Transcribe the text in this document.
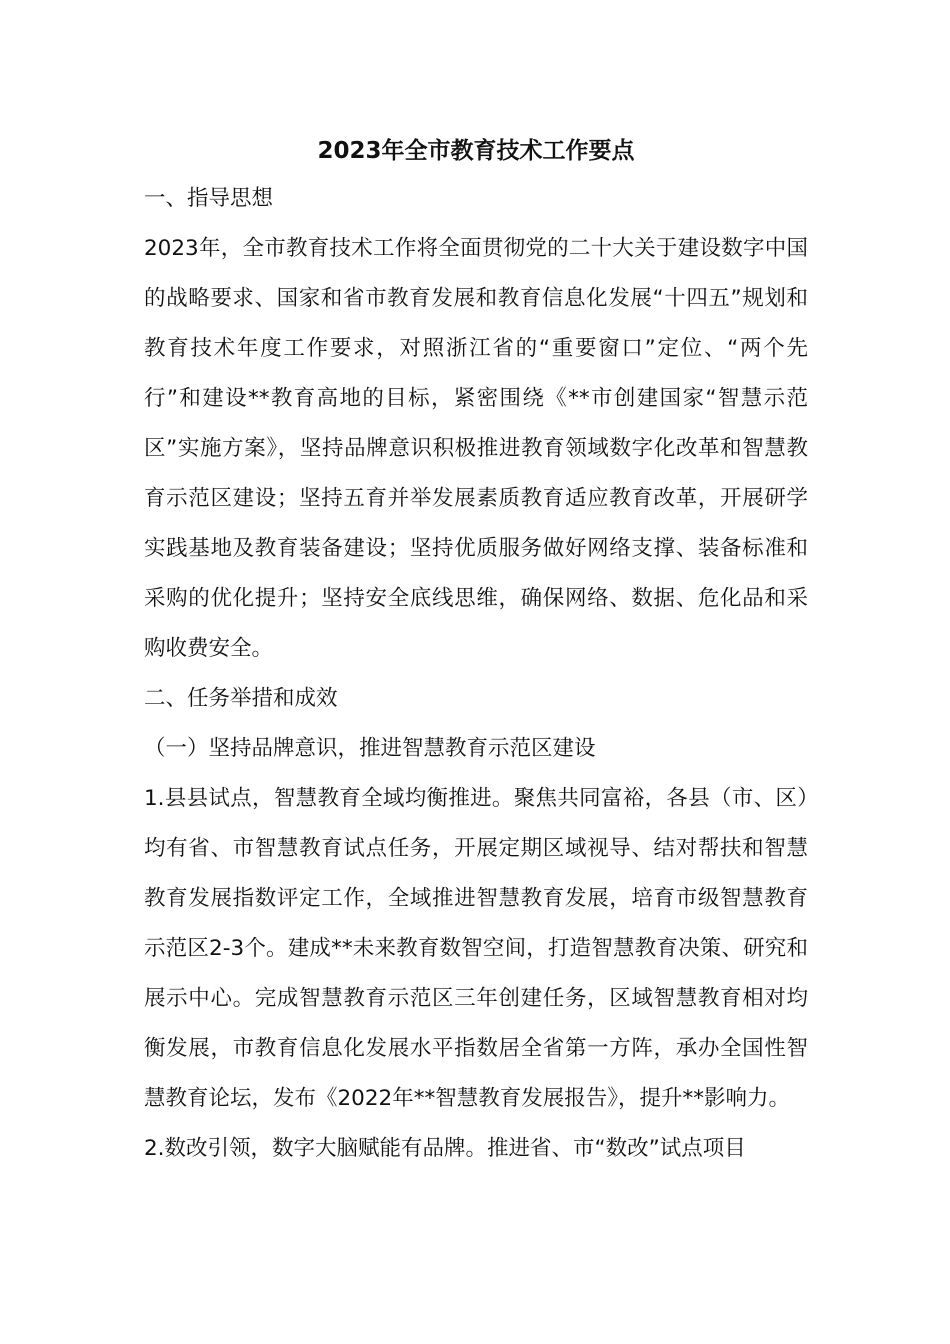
2023年全市教育技术工作要点
一、指导思想

2023年，全市教育技术工作将全面贯彻党的二十大关于建设数字中国的战略要求、国家和省市教育发展和教育信息化发展“十四五”规划和教育技术年度工作要求，对照浙江省的“重要窗口”定位、“两个先行”和建设**教育高地的目标，紧密围绕《**市创建国家“智慧示范区”实施方案》，坚持品牌意识积极推进教育领域数字化改革和智慧教育示范区建设；坚持五育并举发展素质教育适应教育改革，开展研学实践基地及教育装备建设；坚持优质服务做好网络支撑、装备标准和采购的优化提升；坚持安全底线思维，确保网络、数据、危化品和采购收费安全。

二、任务举措和成效
（一）坚持品牌意识，推进智慧教育示范区建设

1.县县试点，智慧教育全域均衡推进。聚焦共同富裕，各县（市、区）均有省、市智慧教育试点任务，开展定期区域视导、结对帮扶和智慧教育发展指数评定工作，全域推进智慧教育发展，培育市级智慧教育示范区2-3个。建成**未来教育数智空间，打造智慧教育决策、研究和展示中心。完成智慧教育示范区三年创建任务，区域智慧教育相对均衡发展，市教育信息化发展水平指数居全省第一方阵，承办全国性智慧教育论坛，发布《2022年**智慧教育发展报告》，提升**影响力。

2.数改引领，数字大脑赋能有品牌。推进省、市“数改”试点项目
